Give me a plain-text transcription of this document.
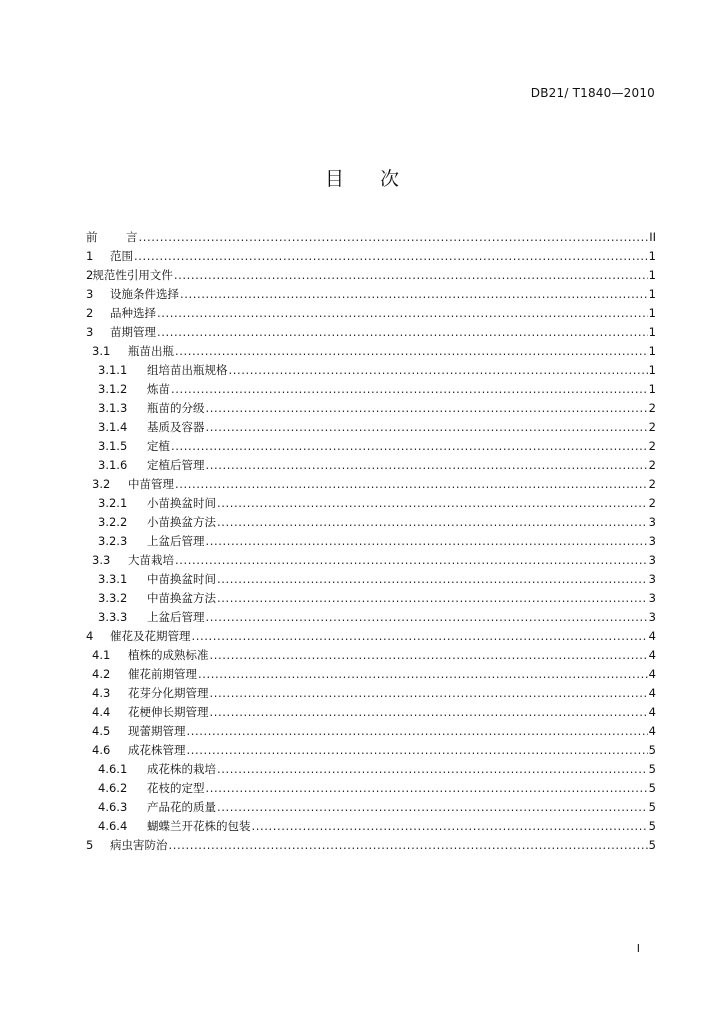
DB21/ T1840—2010
目 次
前	言 .....	II
1	范围 .....	1
2 规范性引用文件 .....	1
3	设施条件选择 .....	1
2	品种选择 .....	1
3	苗期管理 .....	1
3.1	瓶苗出瓶 .....	1
3.1.1	组培苗出瓶规格 .....	1
3.1.2	炼苗 .....	1
3.1.3	瓶苗的分级 .....	2
3.1.4	基质及容器 .....	2
3.1.5	定植 .....	2
3.1.6	定植后管理 .....	2
3.2	中苗管理 .....	2
3.2.1	小苗换盆时间 .....	2
3.2.2	小苗换盆方法 .....	3
3.2.3	上盆后管理 .....	3
3.3	大苗栽培 .....	3
3.3.1	中苗换盆时间 .....	3
3.3.2	中苗换盆方法 .....	3
3.3.3	上盆后管理 .....	3
4	催花及花期管理 .....	4
4.1	植株的成熟标准 .....	4
4.2	催花前期管理 .....	4
4.3	花芽分化期管理 .....	4
4.4	花梗伸长期管理 .....	4
4.5	现蕾期管理 .....	4
4.6	成花株管理 .....	5
4.6.1	成花株的栽培 .....	5
4.6.2	花枝的定型 .....	5
4.6.3	产品花的质量 .....	5
4.6.4	蝴蝶兰开花株的包装 .....	5
5	病虫害防治 .....	5
I
